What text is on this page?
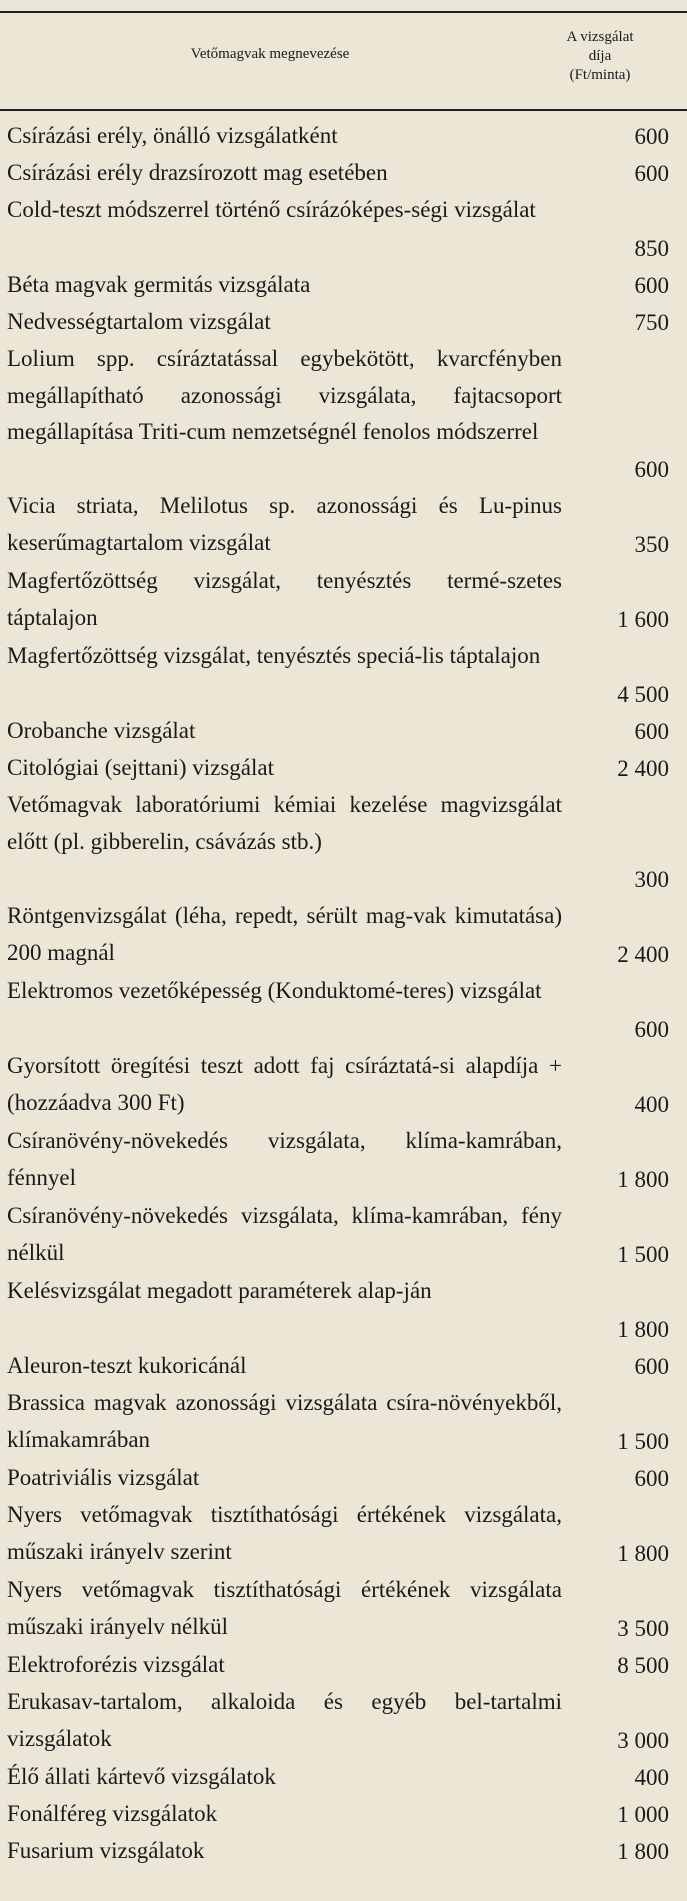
Vetőmagvak megnevezése
A vizsgálat
díja
(Ft/minta)
Csírázási erély, önálló vizsgálatként	600
Csírázási erély drazsírozott mag esetében	600
Cold-teszt módszerrel történő csírázóképes-ségi vizsgálat
850
Béta magvak germitás vizsgálata	600
Nedvességtartalom vizsgálat	750
Lolium spp. csíráztatással egybekötött, kvarcfényben megállapítható azonossági vizsgálata, fajtacsoport megállapítása Triti-cum nemzetségnél fenolos módszerrel
600
Vicia striata, Melilotus sp. azonossági és Lu-pinus keserűmagtartalom vizsgálat	350
Magfertőzöttség vizsgálat, tenyésztés termé-szetes táptalajon	1 600
Magfertőzöttség vizsgálat, tenyésztés speciá-lis táptalajon
4 500
Orobanche vizsgálat	600
Citológiai (sejttani) vizsgálat	2 400
Vetőmagvak laboratóriumi kémiai kezelése magvizsgálat előtt (pl. gibberelin, csávázás stb.)
300
Röntgenvizsgálat (léha, repedt, sérült mag-vak kimutatása) 200 magnál	2 400
Elektromos vezetőképesség (Konduktomé-teres) vizsgálat
600
Gyorsított öregítési teszt adott faj csíráztatá-si alapdíja + (hozzáadva 300 Ft)	400
Csíranövény-növekedés vizsgálata, klíma-kamrában, fénnyel	1 800
Csíranövény-növekedés vizsgálata, klíma-kamrában, fény nélkül	1 500
Kelésvizsgálat megadott paraméterek alap-ján
1 800
Aleuron-teszt kukoricánál	600
Brassica magvak azonossági vizsgálata csíra-növényekből, klímakamrában	1 500
Poatriviális vizsgálat	600
Nyers vetőmagvak tisztíthatósági értékének vizsgálata, műszaki irányelv szerint	1 800
Nyers vetőmagvak tisztíthatósági értékének vizsgálata műszaki irányelv nélkül	3 500
Elektroforézis vizsgálat	8 500
Erukasav-tartalom, alkaloida és egyéb bel-tartalmi vizsgálatok	3 000
Élő állati kártevő vizsgálatok	400
Fonálféreg vizsgálatok	1 000
Fusarium vizsgálatok	1 800
